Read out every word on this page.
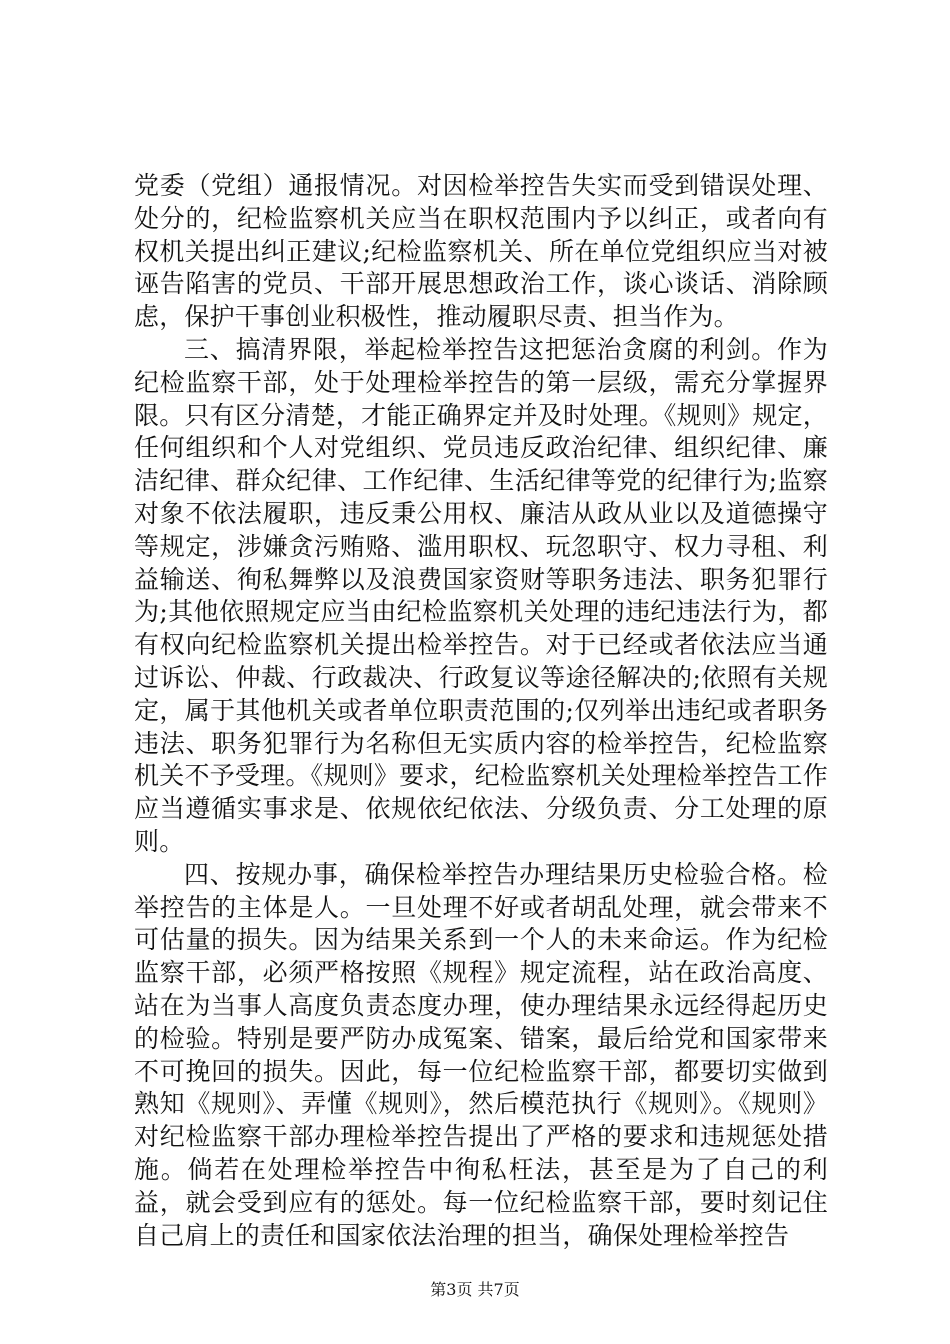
党委（党组）通报情况。对因检举控告失实而受到错误处理、处分的，纪检监察机关应当在职权范围内予以纠正，或者向有权机关提出纠正建议;纪检监察机关、所在单位党组织应当对被诬告陷害的党员、干部开展思想政治工作，谈心谈话、消除顾虑，保护干事创业积极性，推动履职尽责、担当作为。

三、搞清界限，举起检举控告这把惩治贪腐的利剑。作为纪检监察干部，处于处理检举控告的第一层级，需充分掌握界限。只有区分清楚，才能正确界定并及时处理。《规则》规定，任何组织和个人对党组织、党员违反政治纪律、组织纪律、廉洁纪律、群众纪律、工作纪律、生活纪律等党的纪律行为;监察对象不依法履职，违反秉公用权、廉洁从政从业以及道德操守等规定，涉嫌贪污贿赂、滥用职权、玩忽职守、权力寻租、利益输送、徇私舞弊以及浪费国家资财等职务违法、职务犯罪行为;其他依照规定应当由纪检监察机关处理的违纪违法行为，都有权向纪检监察机关提出检举控告。对于已经或者依法应当通过诉讼、仲裁、行政裁决、行政复议等途径解决的;依照有关规定，属于其他机关或者单位职责范围的;仅列举出违纪或者职务违法、职务犯罪行为名称但无实质内容的检举控告，纪检监察机关不予受理。《规则》要求，纪检监察机关处理检举控告工作应当遵循实事求是、依规依纪依法、分级负责、分工处理的原则。

四、按规办事，确保检举控告办理结果历史检验合格。检举控告的主体是人。一旦处理不好或者胡乱处理，就会带来不可估量的损失。因为结果关系到一个人的未来命运。作为纪检监察干部，必须严格按照《规程》规定流程，站在政治高度、站在为当事人高度负责态度办理，使办理结果永远经得起历史的检验。特别是要严防办成冤案、错案，最后给党和国家带来不可挽回的损失。因此，每一位纪检监察干部，都要切实做到熟知《规则》、弄懂《规则》，然后模范执行《规则》。《规则》对纪检监察干部办理检举控告提出了严格的要求和违规惩处措施。倘若在处理检举控告中徇私枉法，甚至是为了自己的利益，就会受到应有的惩处。每一位纪检监察干部，要时刻记住自己肩上的责任和国家依法治理的担当，确保处理检举控告

第3页 共7页
